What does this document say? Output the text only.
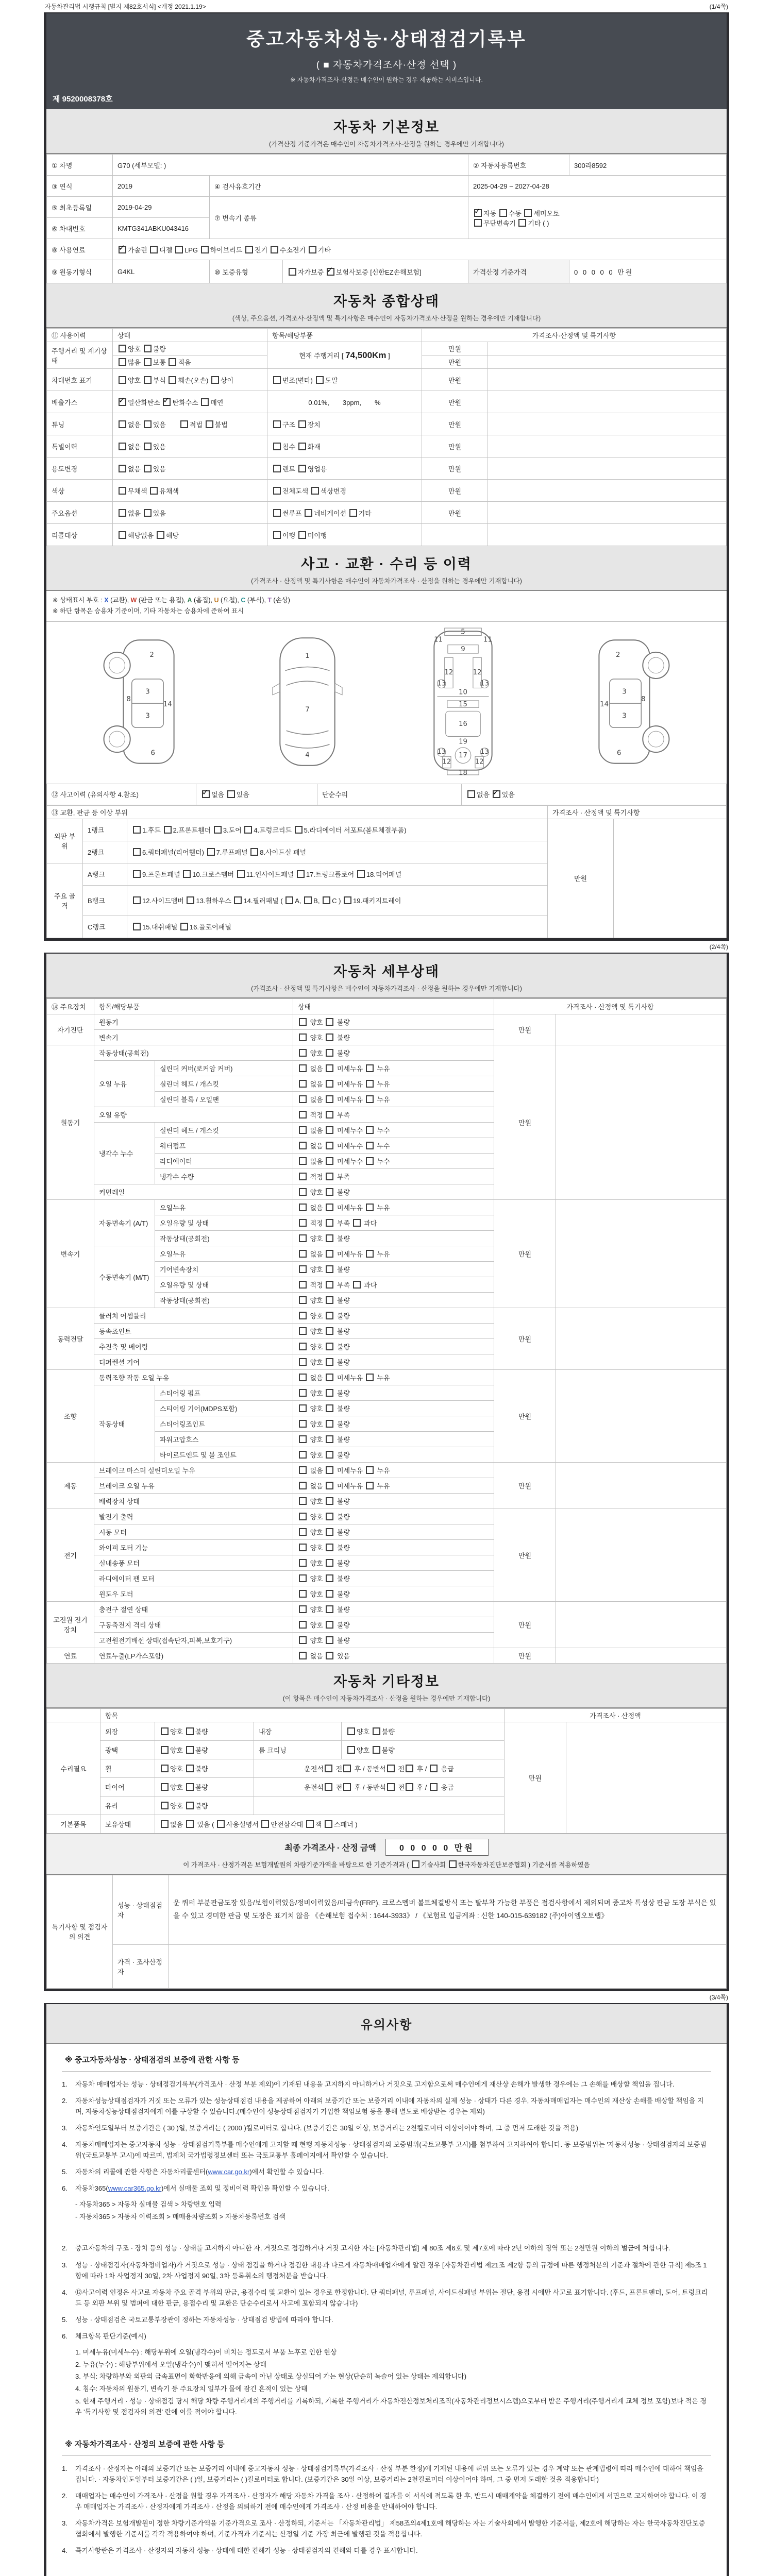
자동차관리법 시행규칙 [별지 제82호서식] <개정 2021.1.19>	(1/4쪽)
중고자동차성능·상태점검기록부
( ■ 자동차가격조사·산정 선택 )
※ 자동차가격조사·산정은 매수인이 원하는 경우 제공하는 서비스입니다.
제 9520008378호
자동차 기본정보
(가격산정 기준가격은 매수인이 자동차가격조사·산정을 원하는 경우에만 기재합니다)
① 차명	G70 (세부모델: )			② 자동차등록번호	300라8592
③ 연식	2019	④ 검사유효기간		2025-04-29 ~ 2027-04-28	
⑤ 최초등록일	2019-04-29	⑦ 변속기 종류	✓자동 수동 세미오토
무단변속기 기타 ( )
⑥ 차대번호	KMTG341ABKU043416				
⑧ 사용연료	✓가솔린 디젤 LPG 하이브리드 전기 수소전기 기타
⑨ 원동기형식	G4KL	⑩ 보증유형	자가보증 ✓보험사보증 [신한EZ손해보험]	가격산정 기준가격	0 0 0 0 0 만원
자동차 종합상태
(색상, 주요옵션, 가격조사·산정액 및 특기사항은 매수인이 자동차가격조사·산정을 원하는 경우에만 기재합니다)
⑪ 사용이력	상태	항목/해당부품	가격조사·산정액 및 특기사항	
주행거리 및 계기상태	양호 불량	현재 주행거리 [ 74,500Km ]	만원	
	많음 보통 적음		만원	
차대번호 표기	양호 부식 훼손(오손) 상이	변조(변타) 도말	만원	
배출가스	✓일산화탄소 ✓탄화수소 매연	0.01%,　　3ppm,　　%	만원	
튜닝	없음 있음　　적법 불법	구조 장치	만원	
특별이력	없음 있음	침수 화재	만원	
용도변경	없음 있음	렌트 영업용	만원	
색상	무채색 유채색	전체도색 색상변경	만원	
주요옵션	없음 있음	썬루프 네비게이션 기타	만원	
리콜대상	해당없음 해당	이행 미이행		
사고 · 교환 · 수리 등 이력
(가격조사 · 산정액 및 특기사항은 매수인이 자동차가격조사 · 산정을 원하는 경우에만 기재합니다)
※ 상태표시 부호 : X (교환), W (판금 또는 용접), A (흠집), U (요철), C (부식), T (손상)
※ 하단 항목은 승용차 기준이며, 기타 자동차는 승용차에 준하여 표시
2
8
3
14
3
6
1
7
4
5
9
11	11
13	13
12	12
10
15
16
19
13	13
12	12
17
18
2
3
8
14
3
6
⑫ 사고이력 (유의사항 4.참조)	✓없음 있음	단순수리	없음 ✓있음
⑬ 교환, 판금 등 이상 부위			가격조사 · 산정액 및 특기사항	
외판 부위	1랭크	1.후드 2.프론트휀더 3.도어 4.트렁크리드 5.라디에이터 서포트(볼트체결부품)	만원	
	2랭크	6.쿼터패널(리어휀더) 7.루프패널 8.사이드실 패널		
주요 골격	A랭크	9.프론트패널 10.크로스멤버 11.인사이드패널 17.트렁크플로어 18.리어패널		
	B랭크	12.사이드멤버 13.휠하우스 14.필러패널 ( A, B, C ) 19.패키지트레이		
	C랭크	15.대쉬패널 16.플로어패널		
(2/4쪽)
자동차 세부상태
(가격조사 · 산정액 및 특기사항은 매수인이 자동차가격조사 · 산정을 원하는 경우에만 기재합니다)
⑭ 주요장치	항목/해당부품		상태	가격조사 · 산정액 및 특기사항	
자기진단	원동기		양호  불량	만원	
	변속기		양호  불량		
원동기	작동상태(공회전)		양호  불량	만원	
	오일 누유	실린더 커버(로커암 커버)	없음  미세누유  누유		
		실린더 헤드 / 개스킷	없음  미세누유  누유		
		실린더 블록 / 오일팬	없음  미세누유  누유		
	오일 유량		적정  부족		
	냉각수 누수	실린더 헤드 / 개스킷	없음  미세누수  누수		
		워터펌프	없음  미세누수  누수		
		라디에이터	없음  미세누수  누수		
		냉각수 수량	적정  부족		
	커먼레일		양호  불량		
변속기	자동변속기 (A/T)	오일누유	없음  미세누유  누유	만원	
		오일유량 및 상태	적정  부족  과다		
		작동상태(공회전)	양호  불량		
	수동변속기 (M/T)	오일누유	없음  미세누유  누유		
		기어변속장치	양호  불량		
		오일유량 및 상태	적정  부족  과다		
		작동상태(공회전)	양호  불량		
동력전달	클러치 어셈블리		양호  불량	만원	
	등속죠인트		양호  불량		
	추진축 및 베어링		양호  불량		
	디퍼렌셜 기어		양호  불량		
조향	동력조향 작동 오일 누유		없음  미세누유  누유	만원	
	작동상태	스티어링 펌프	양호  불량		
		스티어링 기어(MDPS포함)	양호  불량		
		스티어링조인트	양호  불량		
		파워고압호스	양호  불량		
		타이로드엔드 및 볼 조인트	양호  불량		
제동	브레이크 마스터 실린더오일 누유		없음  미세누유  누유	만원	
	브레이크 오일 누유		없음  미세누유  누유		
	배력장치 상태		양호  불량		
전기	발전기 출력		양호  불량	만원	
	시동 모터		양호  불량		
	와이퍼 모터 기능		양호  불량		
	실내송풍 모터		양호  불량		
	라디에이터 팬 모터		양호  불량		
	윈도우 모터		양호  불량		
고전원 전기장치	충전구 절연 상태		양호  불량	만원	
	구동축전지 격리 상태		양호  불량		
	고전원전기배선 상태(접속단자,피복,보호기구)		양호  불량		
연료	연료누출(LP가스포함)		없음  있음	만원	
자동차 기타정보
(이 항목은 매수인이 자동차가격조사 · 산정을 원하는 경우에만 기재합니다)
	항목				가격조사 · 산정액	
수리필요	외장	양호 불량	내장	양호 불량	만원	
	광택	양호 불량	룸 크리닝	양호 불량		
	휠	양호 불량	운전석 전 후 / 동반석 전 후 /  응급			
	타이어	양호 불량	운전석 전 후 / 동반석 전 후 /  응급			
	유리	양호 불량				
기본품목	보유상태	없음  있음 ( 사용설명서 안전삼각대 잭 스패너 )				
최종 가격조사 · 산정 금액	0 0 0 0 0 만원
이 가격조사 · 산정가격은 보험개발원의 차량기준가액을 바탕으로 한 기준가격과 ( 기술사회 한국자동차진단보증협회 ) 기준서를 적용하였음
특기사항 및 점검자의 의견	성능 · 상태점검자	운 쿼터 부분판금도장 있음/보험이력있음/정비이력있음/비금속(FRP), 크로스멤버 볼트체결방식 또는 탈부착 가능한 부품은 점검사항에서 제외되며 중고차 특성상 판금 도장 부식은 있을 수 있고 경미한 판금 및 도장은 표기치 않음 《손해보험 접수처 : 1644-3933》 / 《보험료 입금계좌 : 신한 140-015-639182 (주)아이엠오토랩》
	가격 · 조사산정자	
(3/4쪽)
유의사항
※ 중고자동차성능 · 상태점검의 보증에 관한 사항 등
1.	자동차 매매업자는 성능 · 상태점검기록부(가격조사 · 산정 부분 제외)에 기재된 내용을 고지하지 아니하거나 거짓으로 고지함으로써 매수인에게 재산상 손해가 발생한 경우에는 그 손해를 배상할 책임을 집니다.
2.	자동차성능상태점검자가 거짓 또는 오류가 있는 성능상태점검 내용을 제공하여 아래의 보증기간 또는 보증거리 이내에 자동차의 실제 성능 · 상태가 다른 경우, 자동차매매업자는 매수인의 재산상 손해를 배상할 책임을 지며, 자동차성능상태점검자에게 이를 구상할 수 있습니다.(매수인이 성능상태점검자가 가입한 책임보험 등을 통해 별도로 배상받는 경우는 제외)
3.	자동차인도일부터 보증기간은 ( 30 )일, 보증거리는 ( 2000 )킬로미터로 합니다. (보증기간은 30일 이상, 보증거리는 2천킬로미터 이상이어야 하며, 그 중 먼저 도래한 것을 적용)
4.	자동차매매업자는 중고자동차 성능 · 상태점검기록부를 매수인에게 고지할 때 현행 자동차성능 · 상태점검자의 보증범위(국토교통부 고시)를 첨부하여 고지하여야 합니다. 동 보증범위는 '자동차성능 · 상태점검자의 보증범위'(국토교통부 고시)에 따르며, 법제처 국가법령정보센터 또는 국토교통부 홈페이지에서 확인할 수 있습니다.
5.	자동차의 리콜에 관한 사항은 자동차리콜센터(www.car.go.kr)에서 확인할 수 있습니다.
6.	자동차365(www.car365.go.kr)에서 실매물 조회 및 정비이력 확인을 확인할 수 있습니다.
- 자동차365 > 자동차 실매물 검색 > 차량번호 입력
- 자동차365 > 자동차 이력조회 > 매매용차량조회 > 자동차등록번호 검색
2.	중고자동차의 구조 · 장치 등의 성능 · 상태를 고지하지 아니한 자, 거짓으로 점검하거나 거짓 고지한 자는 [자동차관리법] 제 80조 제6호 및 제7호에 따라 2년 이하의 징역 또는 2천만원 이하의 벌금에 처합니다.
3.	성능 · 상태점검자(자동차정비업자)가 거짓으로 성능 · 상태 점검을 하거나 점검한 내용과 다르게 자동차매매업자에게 알린 경우 [자동차관리법 제21조 제2항 등의 규정에 따른 행정처분의 기준과 절차에 관한 규칙] 제5조 1항에 따라 1차 사업정지 30일, 2차 사업정지 90일, 3차 등록취소의 행정처분을 받습니다.
4.	⑫사고이력 인정은 사고로 자동차 주요 골격 부위의 판금, 용접수리 및 교환이 있는 경우로 한정합니다. 단 쿼터패널, 루프패널, 사이드실패널 부위는 절단, 용접 시에만 사고로 표기합니다. (후드, 프론트펜더, 도어, 트렁크리드 등 외판 부위 및 범퍼에 대한 판금, 용접수리 및 교환은 단순수리로서 사고에 포함되지 않습니다)
5.	성능 · 상태점검은 국토교통부장관이 정하는 자동차성능 · 상태점검 방법에 따라야 합니다.
6.	체크항목 판단기준(예시)
1. 미세누유(미세누수) : 해당부위에 오일(냉각수)이 비치는 정도로서 부품 노후로 인한 현상
2. 누유(누수) : 해당부위에서 오일(냉각수)이 맺혀서 떨어지는 상태
3. 부식: 차량하부와 외판의 금속표면이 화학반응에 의해 금속이 아닌 상태로 상실되어 가는 현상(단순히 녹슬어 있는 상태는 제외합니다)
4. 침수: 자동차의 원동기, 변속기 등 주요장치 일부가 물에 잠긴 흔적이 있는 상태
5. 현재 주행거리 · 성능 · 상태점검 당시 해당 차량 주행거리계의 주행거리를 기록하되, 기록한 주행거리가 자동차전산정보처리조직(자동차관리정보시스템)으로부터 받은 주행거리(주행거리계 교체 정보 포함)보다 적은 경우 '특기사항 및 점검자의 의견' 란에 이를 적어야 합니다.
※ 자동차가격조사 · 산정의 보증에 관한 사항 등
1.	가격조사 · 산정자는 아래의 보증기간 또는 보증거리 이내에 중고자동차 성능 · 상태점검기록부(가격조사 · 산정 부분 한정)에 기재된 내용에 허위 또는 오류가 있는 경우 계약 또는 관계법령에 따라 매수인에 대하여 책임을 집니다. · 자동차인도일부터 보증기간은 ( )일, 보증거리는 ( )킬로미터로 합니다. (보증기간은 30일 이상, 보증거리는 2천킬로미터 이상이어야 하며, 그 중 먼저 도래한 것을 적용합니다)
2.	매매업자는 매수인이 가격조사 · 산정을 원할 경우 가격조사 · 산정자가 해당 자동차 가격을 조사 · 산정하여 결과를 이 서식에 적도록 한 후, 반드시 매매계약을 체결하기 전에 매수인에게 서면으로 고지하여야 합니다. 이 경우 매매업자는 가격조사 · 산정자에게 가격조사 · 산정을 의뢰하기 전에 매수인에게 가격조사 · 산정 비용을 안내하여야 합니다.
3.	자동차가격은 보험개발원이 정한 차량기준가액을 기준가격으로 조사 · 산정하되, 기준서는 「자동차관리법」 제58조의4제1호에 해당하는 자는 기술사회에서 발행한 기준서를, 제2호에 해당하는 자는 한국자동차진단보증협회에서 발행한 기준서를 각각 적용하여야 하며, 기준가격과 기준서는 산정일 기준 가장 최근에 발행된 것을 적용합니다.
4.	특기사항란은 가격조사 · 산정자의 자동차 성능 · 상태에 대한 견해가 성능 · 상태점검자의 견해와 다를 경우 표시합니다.
